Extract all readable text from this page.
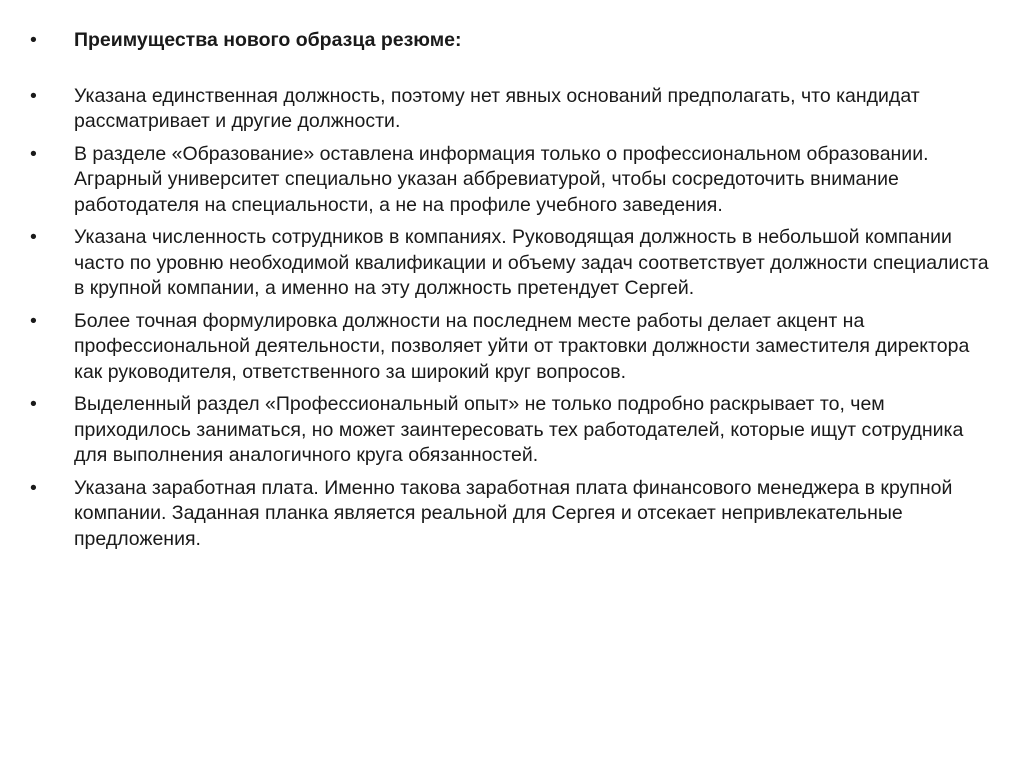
•	Преимущества нового образца резюме:
•	Указана единственная должность, поэтому нет явных оснований предполагать, что кандидат рассматривает и другие должности.
•	В разделе «Образование» оставлена информация только о профессиональном образовании. Аграрный университет специально указан аббревиатурой, чтобы сосредоточить внимание работодателя на специальности, а не на профиле учебного заведения.
•	Указана численность сотрудников в компаниях. Руководящая должность в небольшой компании часто по уровню необходимой квалификации и объему задач соответствует должности специалиста в крупной компании, а именно на эту должность претендует Сергей.
•	Более точная формулировка должности на последнем месте работы делает акцент на профессиональной деятельности, позволяет уйти от трактовки должности заместителя директора как руководителя, ответственного за широкий круг вопросов.
•	Выделенный раздел «Профессиональный опыт» не только подробно раскрывает то, чем приходилось заниматься, но может заинтересовать тех работодателей, которые ищут сотрудника для выполнения аналогичного круга обязанностей.
•	Указана заработная плата. Именно такова заработная плата финансового менеджера в крупной компании. Заданная планка является реальной для Сергея и отсекает непривлекательные предложения.
